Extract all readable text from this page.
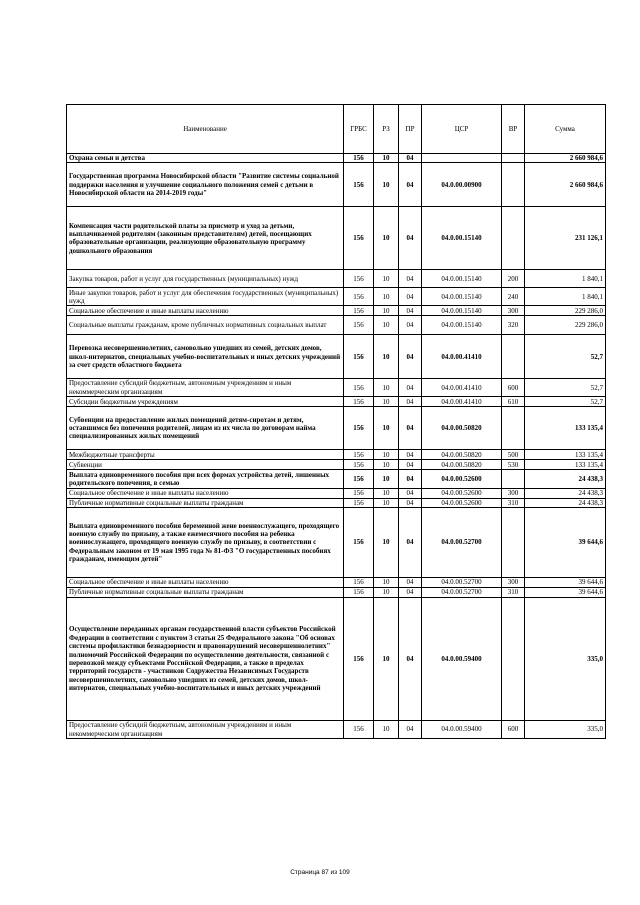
Наименование	ГРБС	РЗ	ПР	ЦСР	ВР	Сумма
Охрана семьи и детства	156	10	04			2 660 984,6
Государственная программа Новосибирской области "Развитие системы социальной поддержки населения и улучшение социального положения семей с детьми в Новосибирской области на 2014-2019 годы"	156	10	04	04.0.00.00900		2 660 984,6
Компенсация части родительской платы за присмотр и уход за детьми, выплачиваемой родителям (законным представителям) детей, посещающих образовательные организации, реализующие образовательную программу дошкольного образования	156	10	04	04.0.00.15140		231 126,1
Закупка товаров, работ и услуг для государственных (муниципальных) нужд	156	10	04	04.0.00.15140	200	1 840,1
Иные закупки товаров, работ и услуг для обеспечения государственных (муниципальных) нужд	156	10	04	04.0.00.15140	240	1 840,1
Социальное обеспечение и иные выплаты населению	156	10	04	04.0.00.15140	300	229 286,0
Социальные выплаты гражданам, кроме публичных нормативных социальных выплат	156	10	04	04.0.00.15140	320	229 286,0
Перевозка несовершеннолетних, самовольно ушедших из семей, детских домов, школ-интернатов, специальных учебно-воспитательных и иных детских учреждений за счет средств областного бюджета	156	10	04	04.0.00.41410		52,7
Предоставление субсидий бюджетным, автономным учреждениям и иным некоммерческим организациям	156	10	04	04.0.00.41410	600	52,7
Субсидии бюджетным учреждениям	156	10	04	04.0.00.41410	610	52,7
Субвенции на предоставление жилых помещений детям-сиротам и детям, оставшимся без попечения родителей, лицам из их числа по договорам найма специализированных жилых помещений	156	10	04	04.0.00.50820		133 135,4
Межбюджетные трансферты	156	10	04	04.0.00.50820	500	133 135,4
Субвенции	156	10	04	04.0.00.50820	530	133 135,4
Выплата единовременного пособия при всех формах устройства детей, лишенных родительского попечения, в семью	156	10	04	04.0.00.52600		24 438,3
Социальное обеспечение и иные выплаты населению	156	10	04	04.0.00.52600	300	24 438,3
Публичные нормативные социальные выплаты гражданам	156	10	04	04.0.00.52600	310	24 438,3
Выплата единовременного пособия беременной жене военнослужащего, проходящего военную службу по призыву, а также ежемесячного пособия на ребенка военнослужащего, проходящего военную службу по призыву, в соответствии с Федеральным законом от 19 мая 1995 года № 81-ФЗ "О государственных пособиях гражданам, имеющим детей"	156	10	04	04.0.00.52700		39 644,6
Социальное обеспечение и иные выплаты населению	156	10	04	04.0.00.52700	300	39 644,6
Публичные нормативные социальные выплаты гражданам	156	10	04	04.0.00.52700	310	39 644,6
Осуществление переданных органам государственной власти субъектов Российской Федерации в соответствии с пунктом 3 статьи 25 Федерального закона "Об основах системы профилактики безнадзорности и правонарушений несовершеннолетних" полномочий Российской Федерации по осуществлению деятельности, связанной с перевозкой между субъектами Российской Федерации, а также в пределах территорий государств - участников Содружества Независимых Государств несовершеннолетних, самовольно ушедших из семей, детских домов, школ-интернатов, специальных учебно-воспитательных и иных детских учреждений	156	10	04	04.0.00.59400		335,0
Предоставление субсидий бюджетным, автономным учреждениям и иным некоммерческим организациям	156	10	04	04.0.00.59400	600	335,0
Страница 87 из 109
